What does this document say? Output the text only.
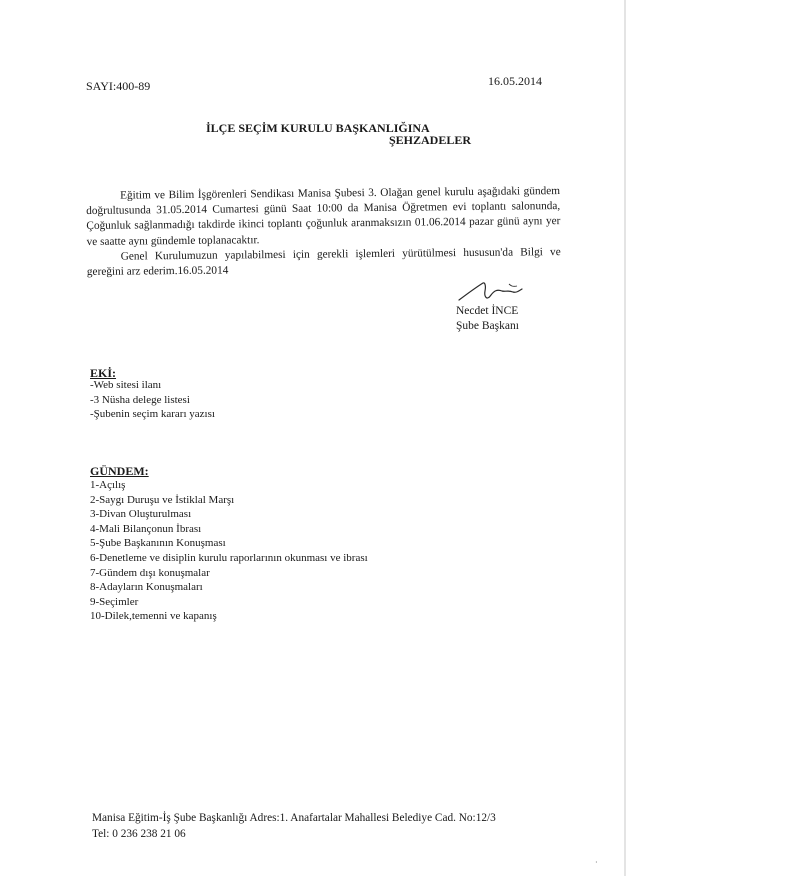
SAYI:400-89	16.05.2014
İLÇE SEÇİM KURULU BAŞKANLIĞINA
ŞEHZADELER

Eğitim ve Bilim İşgörenleri Sendikası Manisa Şubesi 3. Olağan genel kurulu aşağıdaki gündem doğrultusunda 31.05.2014 Cumartesi günü Saat 10:00 da Manisa Öğretmen evi toplantı salonunda, Çoğunluk sağlanmadığı takdirde ikinci toplantı çoğunluk aranmaksızın 01.06.2014 pazar günü aynı yer ve saatte aynı gündemle toplanacaktır.

Genel Kurulumuzun yapılabilmesi için gerekli işlemleri yürütülmesi hususun'da Bilgi ve gereğini arz ederim.16.05.2014

Necdet İNCE
Şube Başkanı
EKİ:
-Web sitesi ilanı
-3 Nüsha delege listesi
-Şubenin seçim kararı yazısı
GÜNDEM:
1-Açılış
2-Saygı Duruşu ve İstiklal Marşı
3-Divan Oluşturulması
4-Mali Bilançonun İbrası
5-Şube Başkanının Konuşması
6-Denetleme ve disiplin kurulu raporlarının okunması ve ibrası
7-Gündem dışı konuşmalar
8-Adayların Konuşmaları
9-Seçimler
10-Dilek,temenni ve kapanış
Manisa Eğitim-İş Şube Başkanlığı Adres:1. Anafartalar Mahallesi Belediye Cad. No:12/3
Tel: 0 236 238 21 06
·
